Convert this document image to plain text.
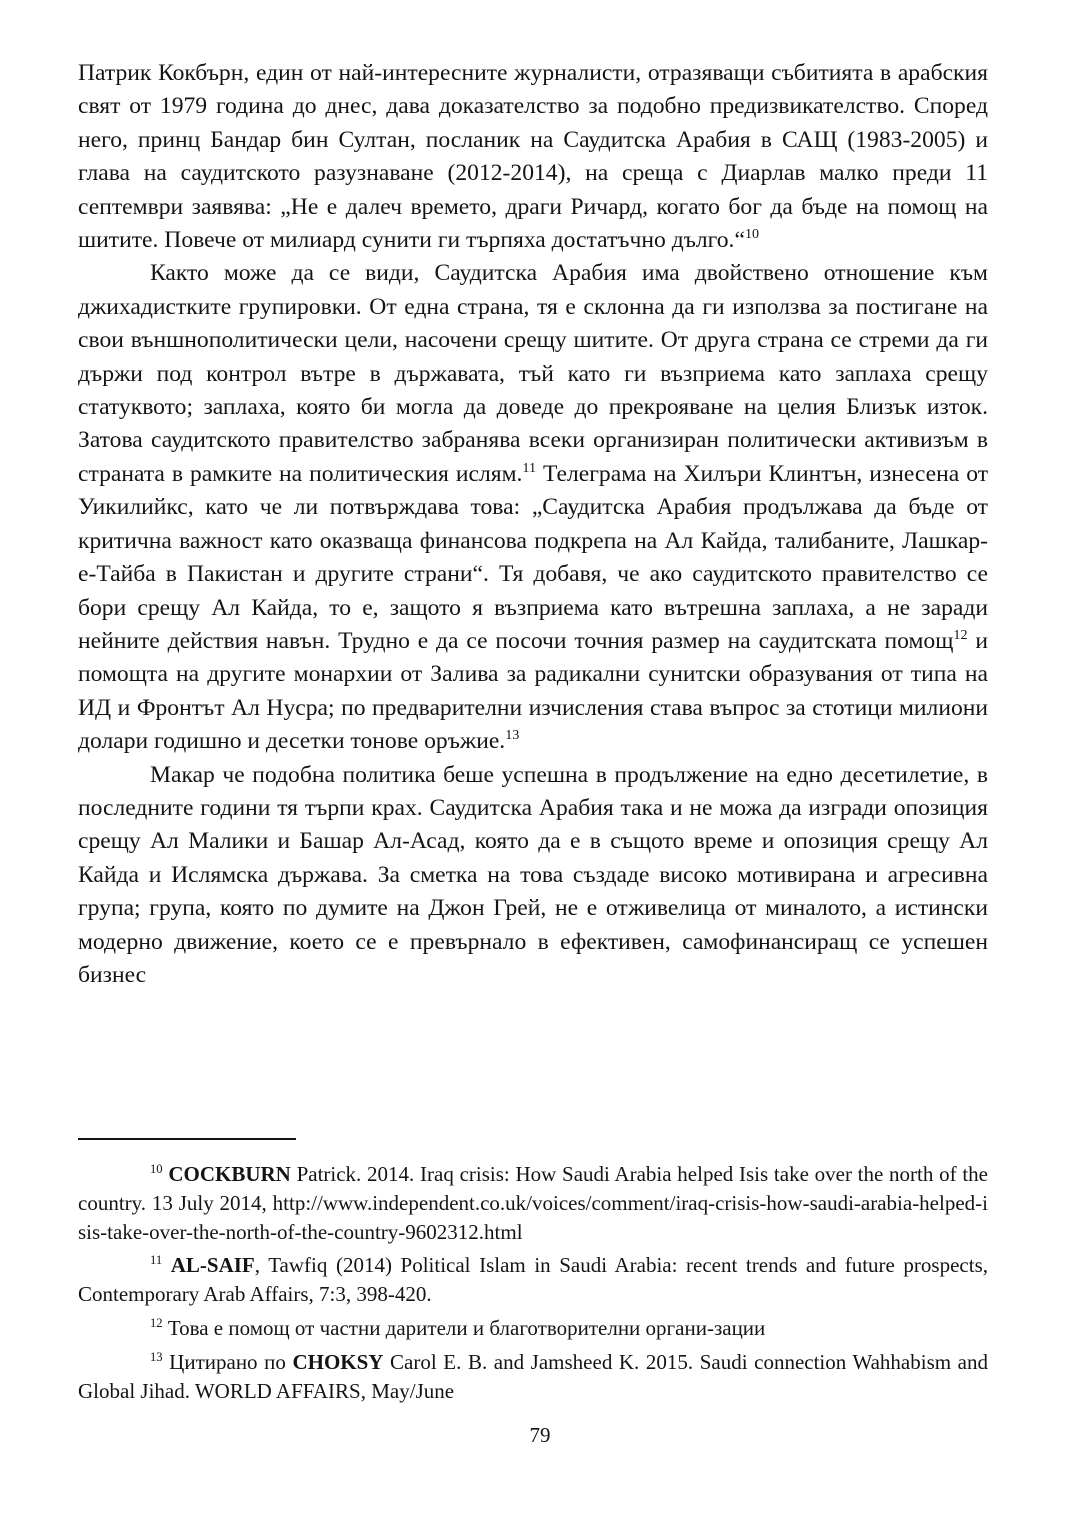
Патрик Кокбърн, един от най-интересните журналисти, отразяващи събитията в арабския свят от 1979 година до днес, дава доказателство за подобно предизвикателство. Според него, принц Бандар бин Султан, посланик на Саудитска Арабия в САЩ (1983-2005) и глава на саудитското разузнаване (2012-2014), на среща с Диарлав малко преди 11 септември заявява: „Не е далеч времето, драги Ричард, когато бог да бъде на помощ на шитите. Повече от милиард сунити ги търпяха достатъчно дълго.“$^{10}$

Както може да се види, Саудитска Арабия има двойствено отношение към джихадистките групировки. От една страна, тя е склонна да ги използва за постигане на свои външнополитически цели, насочени срещу шитите. От друга страна се стреми да ги държи под контрол вътре в държавата, тъй като ги възприема като заплаха срещу статуквото; заплаха, която би могла да доведе до прекрояване на целия Близък изток. Затова саудитското правителство забранява всеки организиран политически активизъм в страната в рамките на политическия ислям.$^{11}$ Телеграма на Хилъри Клинтън, изнесена от Уикилийкс, като че ли потвърждава това: „Саудитска Арабия продължава да бъде от критична важност като оказваща финансова подкрепа на Ал Кайда, талибаните, Лашкар-е-Тайба в Пакистан и другите страни“. Тя добавя, че ако саудитското правителство се бори срещу Ал Кайда, то е, защото я възприема като вътрешна заплаха, а не заради нейните действия навън. Трудно е да се посочи точния размер на саудитската помощ$^{12}$ и помощта на другите монархии от Залива за радикални сунитски образувания от типа на ИД и Фронтът Ал Нусра; по предварителни изчисления става въпрос за стотици милиони долари годишно и десетки тонове оръжие.$^{13}$

Макар че подобна политика беше успешна в продължение на едно десетилетие, в последните години тя търпи крах. Саудитска Арабия така и не можа да изгради опозиция срещу Ал Малики и Башар Ал-Асад, която да е в същото време и опозиция срещу Ал Кайда и Ислямска държава. За сметка на това създаде високо мотивирана и агресивна група; група, която по думите на Джон Грей, не е отживелица от миналото, а истински модерно движение, което се е превърнало в ефективен, самофинансиращ се успешен бизнес

$^{10}$ COCKBURN Patrick. 2014. Iraq crisis: How Saudi Arabia helped Isis take over the north of the country. 13 July 2014, http://www.independent.co.uk/voices/comment/iraq-crisis-how-saudi-arabia-helped-isis-take-over-the-north-of-the-country-9602312.html

$^{11}$ AL-SAIF, Tawfiq (2014) Political Islam in Saudi Arabia: recent trends and future prospects, Contemporary Arab Affairs, 7:3, 398-420.

$^{12}$ Това е помощ от частни дарители и благотворителни органи-зации

$^{13}$ Цитирано по CHOKSY Carol E. B. and Jamsheed K. 2015. Saudi connection Wahhabism and Global Jihad. WORLD AFFAIRS, May/June

79
